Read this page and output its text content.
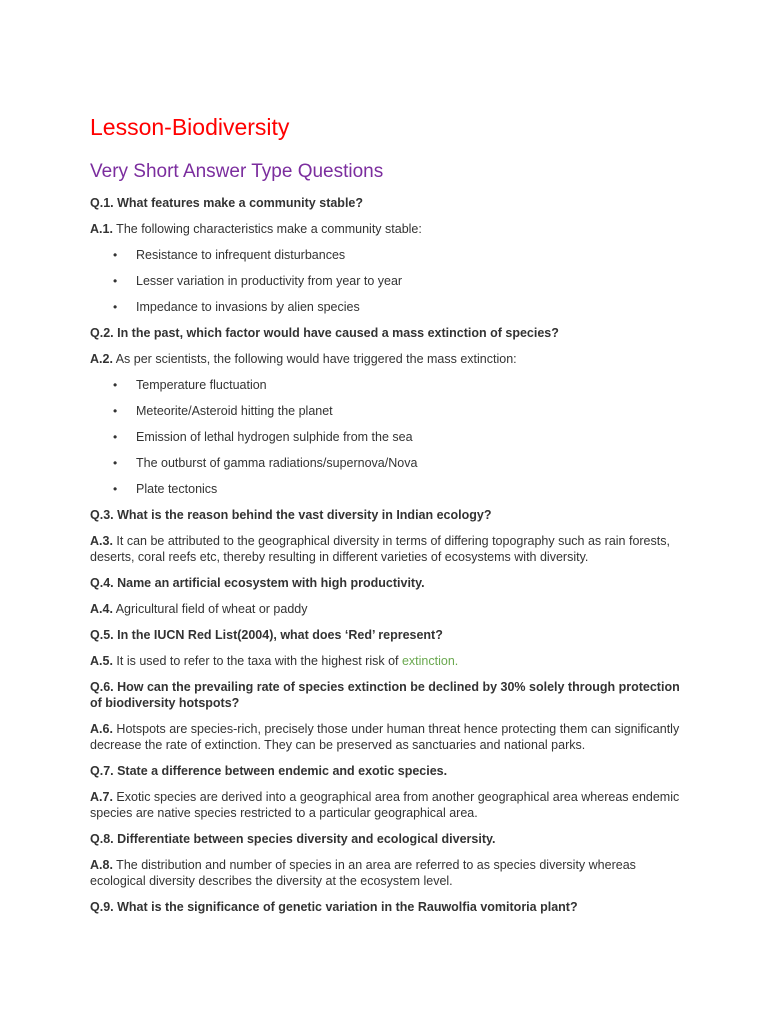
Lesson-Biodiversity
Very Short Answer Type Questions

Q.1. What features make a community stable?

A.1. The following characteristics make a community stable:

• Resistance to infrequent disturbances
• Lesser variation in productivity from year to year
• Impedance to invasions by alien species

Q.2. In the past, which factor would have caused a mass extinction of species?

A.2. As per scientists, the following would have triggered the mass extinction:

• Temperature fluctuation
• Meteorite/Asteroid hitting the planet
• Emission of lethal hydrogen sulphide from the sea
• The outburst of gamma radiations/supernova/Nova
• Plate tectonics

Q.3. What is the reason behind the vast diversity in Indian ecology?

A.3. It can be attributed to the geographical diversity in terms of differing topography such as rain forests, deserts, coral reefs etc, thereby resulting in different varieties of ecosystems with diversity.

Q.4. Name an artificial ecosystem with high productivity.

A.4. Agricultural field of wheat or paddy

Q.5. In the IUCN Red List(2004), what does ‘Red’ represent?

A.5. It is used to refer to the taxa with the highest risk of extinction.

Q.6. How can the prevailing rate of species extinction be declined by 30% solely through protection of biodiversity hotspots?

A.6. Hotspots are species-rich, precisely those under human threat hence protecting them can significantly decrease the rate of extinction. They can be preserved as sanctuaries and national parks.

Q.7. State a difference between endemic and exotic species.

A.7. Exotic species are derived into a geographical area from another geographical area whereas endemic species are native species restricted to a particular geographical area.

Q.8. Differentiate between species diversity and ecological diversity.

A.8. The distribution and number of species in an area are referred to as species diversity whereas ecological diversity describes the diversity at the ecosystem level.

Q.9. What is the significance of genetic variation in the Rauwolfia vomitoria plant?
